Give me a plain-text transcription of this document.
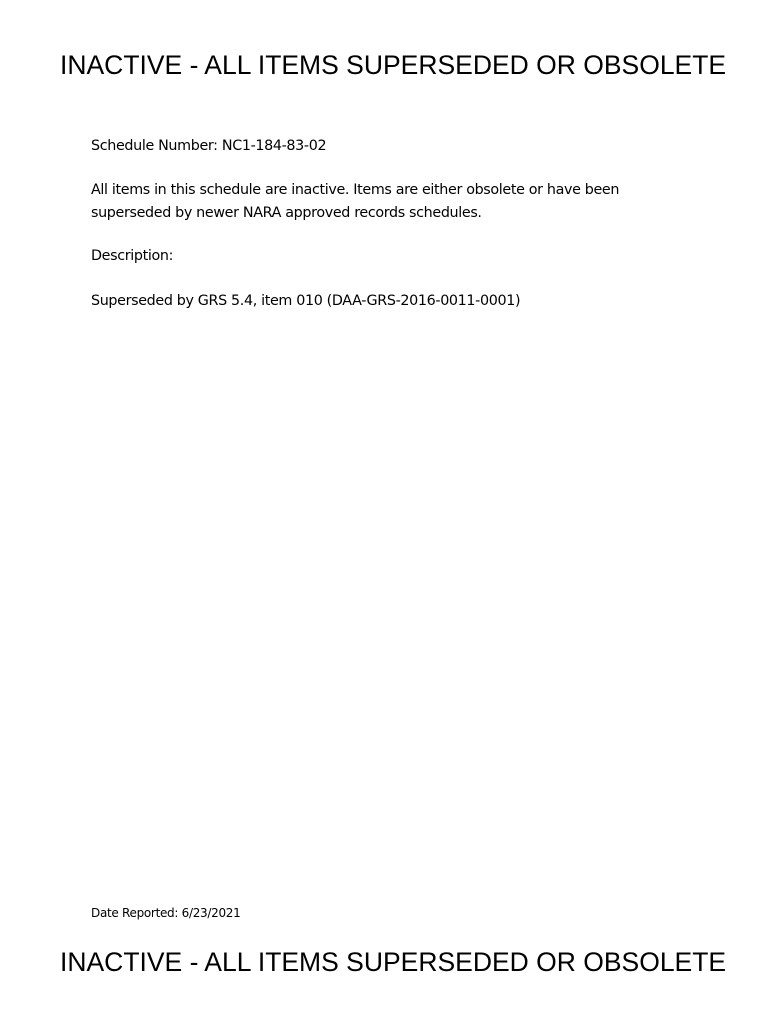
INACTIVE - ALL ITEMS SUPERSEDED OR OBSOLETE
Schedule Number: NC1-184-83-02
All items in this schedule are inactive. Items are either obsolete or have been superseded by newer NARA approved records schedules.
Description:
Superseded by GRS 5.4, item 010 (DAA-GRS-2016-0011-0001)
Date Reported: 6/23/2021
INACTIVE - ALL ITEMS SUPERSEDED OR OBSOLETE
